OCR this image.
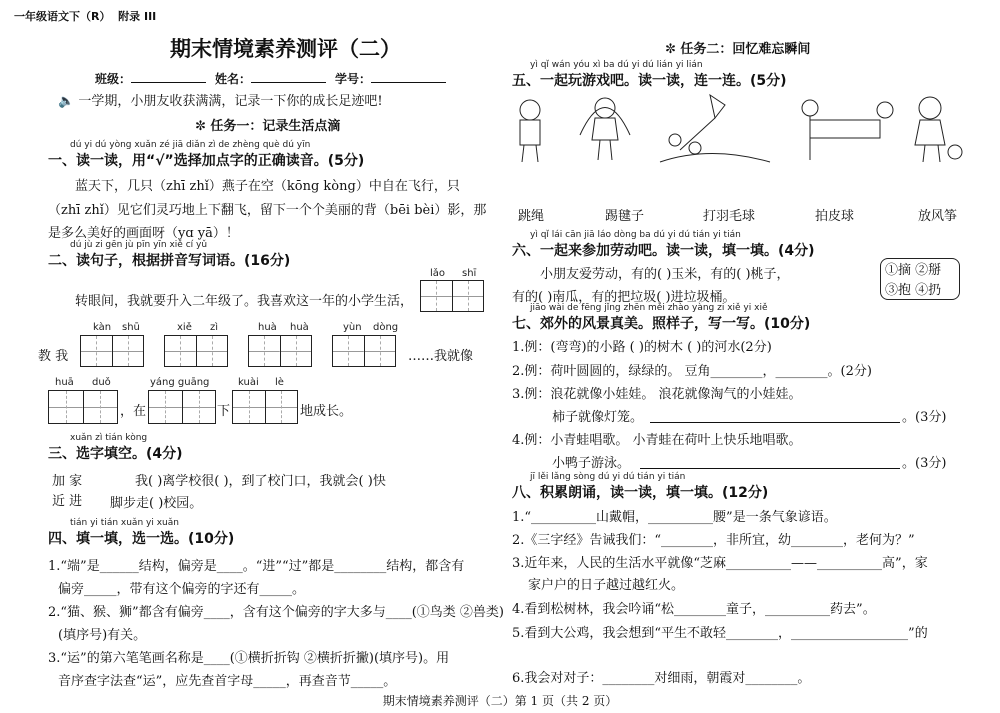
一年级语文下（R） 附录 III
期末情境素养测评（二）
班级：	姓名：	学号：
🔈 一学期，小朋友收获满满，记录一下你的成长足迹吧!
✼ 任务一：记录生活点滴
dú yi dú yòng xuǎn zé jiā diǎn zì de zhèng què dú yīn
一、读一读，用“√”选择加点字的正确读音。(5分)
蓝天下，几只（zhī zhǐ）燕子在空（kōng kòng）中自在飞行，只
（zhī zhǐ）见它们灵巧地上下翻飞，留下一个个美丽的背（bēi bèi）影，那
是多么美好的画面呀（yɑ yā）！
dú jù zi gēn jù pīn yīn xiě cí yǔ
二、读句子，根据拼音写词语。(16分)
lǎo shī
转眼间，我就要升入二年级了。我喜欢这一年的小学生活，
kàn shū	xiě zì	huà huà	yùn dòng
教 我	……我就像
huā duǒ	yáng guāng	kuài lè
，在	下	地成长。
xuǎn zì tián kòng
三、选字填空。(4分)
加 家
近 进
我( )离学校很( )，到了校门口，我就会( )快
脚步走( )校园。
tián yi tián xuǎn yi xuǎn
四、填一填，选一选。(10分)
1.“端”是______结构，偏旁是____。“进”“过”都是________结构，都含有
偏旁_____，带有这个偏旁的字还有_____。
2.“猫、猴、狮”都含有偏旁____，含有这个偏旁的字大多与____(①鸟类 ②兽类)
(填序号)有关。
3.“运”的第六笔笔画名称是____(①横折折钩 ②横折折撇)(填序号)。用
音序查字法查“运”，应先查首字母_____，再查音节_____。
✼ 任务二：回忆难忘瞬间
yì qǐ wán yóu xì ba dú yi dú lián yi lián
五、一起玩游戏吧。读一读，连一连。(5分)
跳绳	踢毽子	打羽毛球	拍皮球	放风筝
yì qǐ lái cān jiā láo dòng ba dú yi dú tián yi tián
六、一起来参加劳动吧。读一读，填一填。(4分)
小朋友爱劳动，有的( )玉米，有的( )桃子，
有的( )南瓜，有的把垃圾( )进垃圾桶。
①摘 ②掰
③抱 ④扔
jiāo wài de fēng jǐng zhēn měi zhào yàng zi xiě yi xiě
七、郊外的风景真美。照样子，写一写。(10分)
1.例：(弯弯)的小路 ( )的树木 ( )的河水(2分)
2.例：荷叶圆圆的，绿绿的。 豆角________，________。(2分)
3.例：浪花就像小娃娃。 浪花就像淘气的小娃娃。
柿子就像灯笼。	。(3分)
4.例：小青蛙唱歌。 小青蛙在荷叶上快乐地唱歌。
小鸭子游泳。	。(3分)
jī lěi lǎng sòng dú yi dú tián yi tián
八、积累朗诵，读一读，填一填。(12分)
1.“__________山戴帽，__________腰”是一条气象谚语。
2.《三字经》告诫我们：“________，非所宜，幼________，老何为？”
3.近年来，人民的生活水平就像“芝麻__________——__________高”，家
家户户的日子越过越红火。
4.看到松树林，我会吟诵“松________童子，__________药去”。
5.看到大公鸡，我会想到“平生不敢轻________，__________________”的
6.我会对对子：________对细雨，朝霞对________。
期末情境素养测评（二）第 1 页（共 2 页）
